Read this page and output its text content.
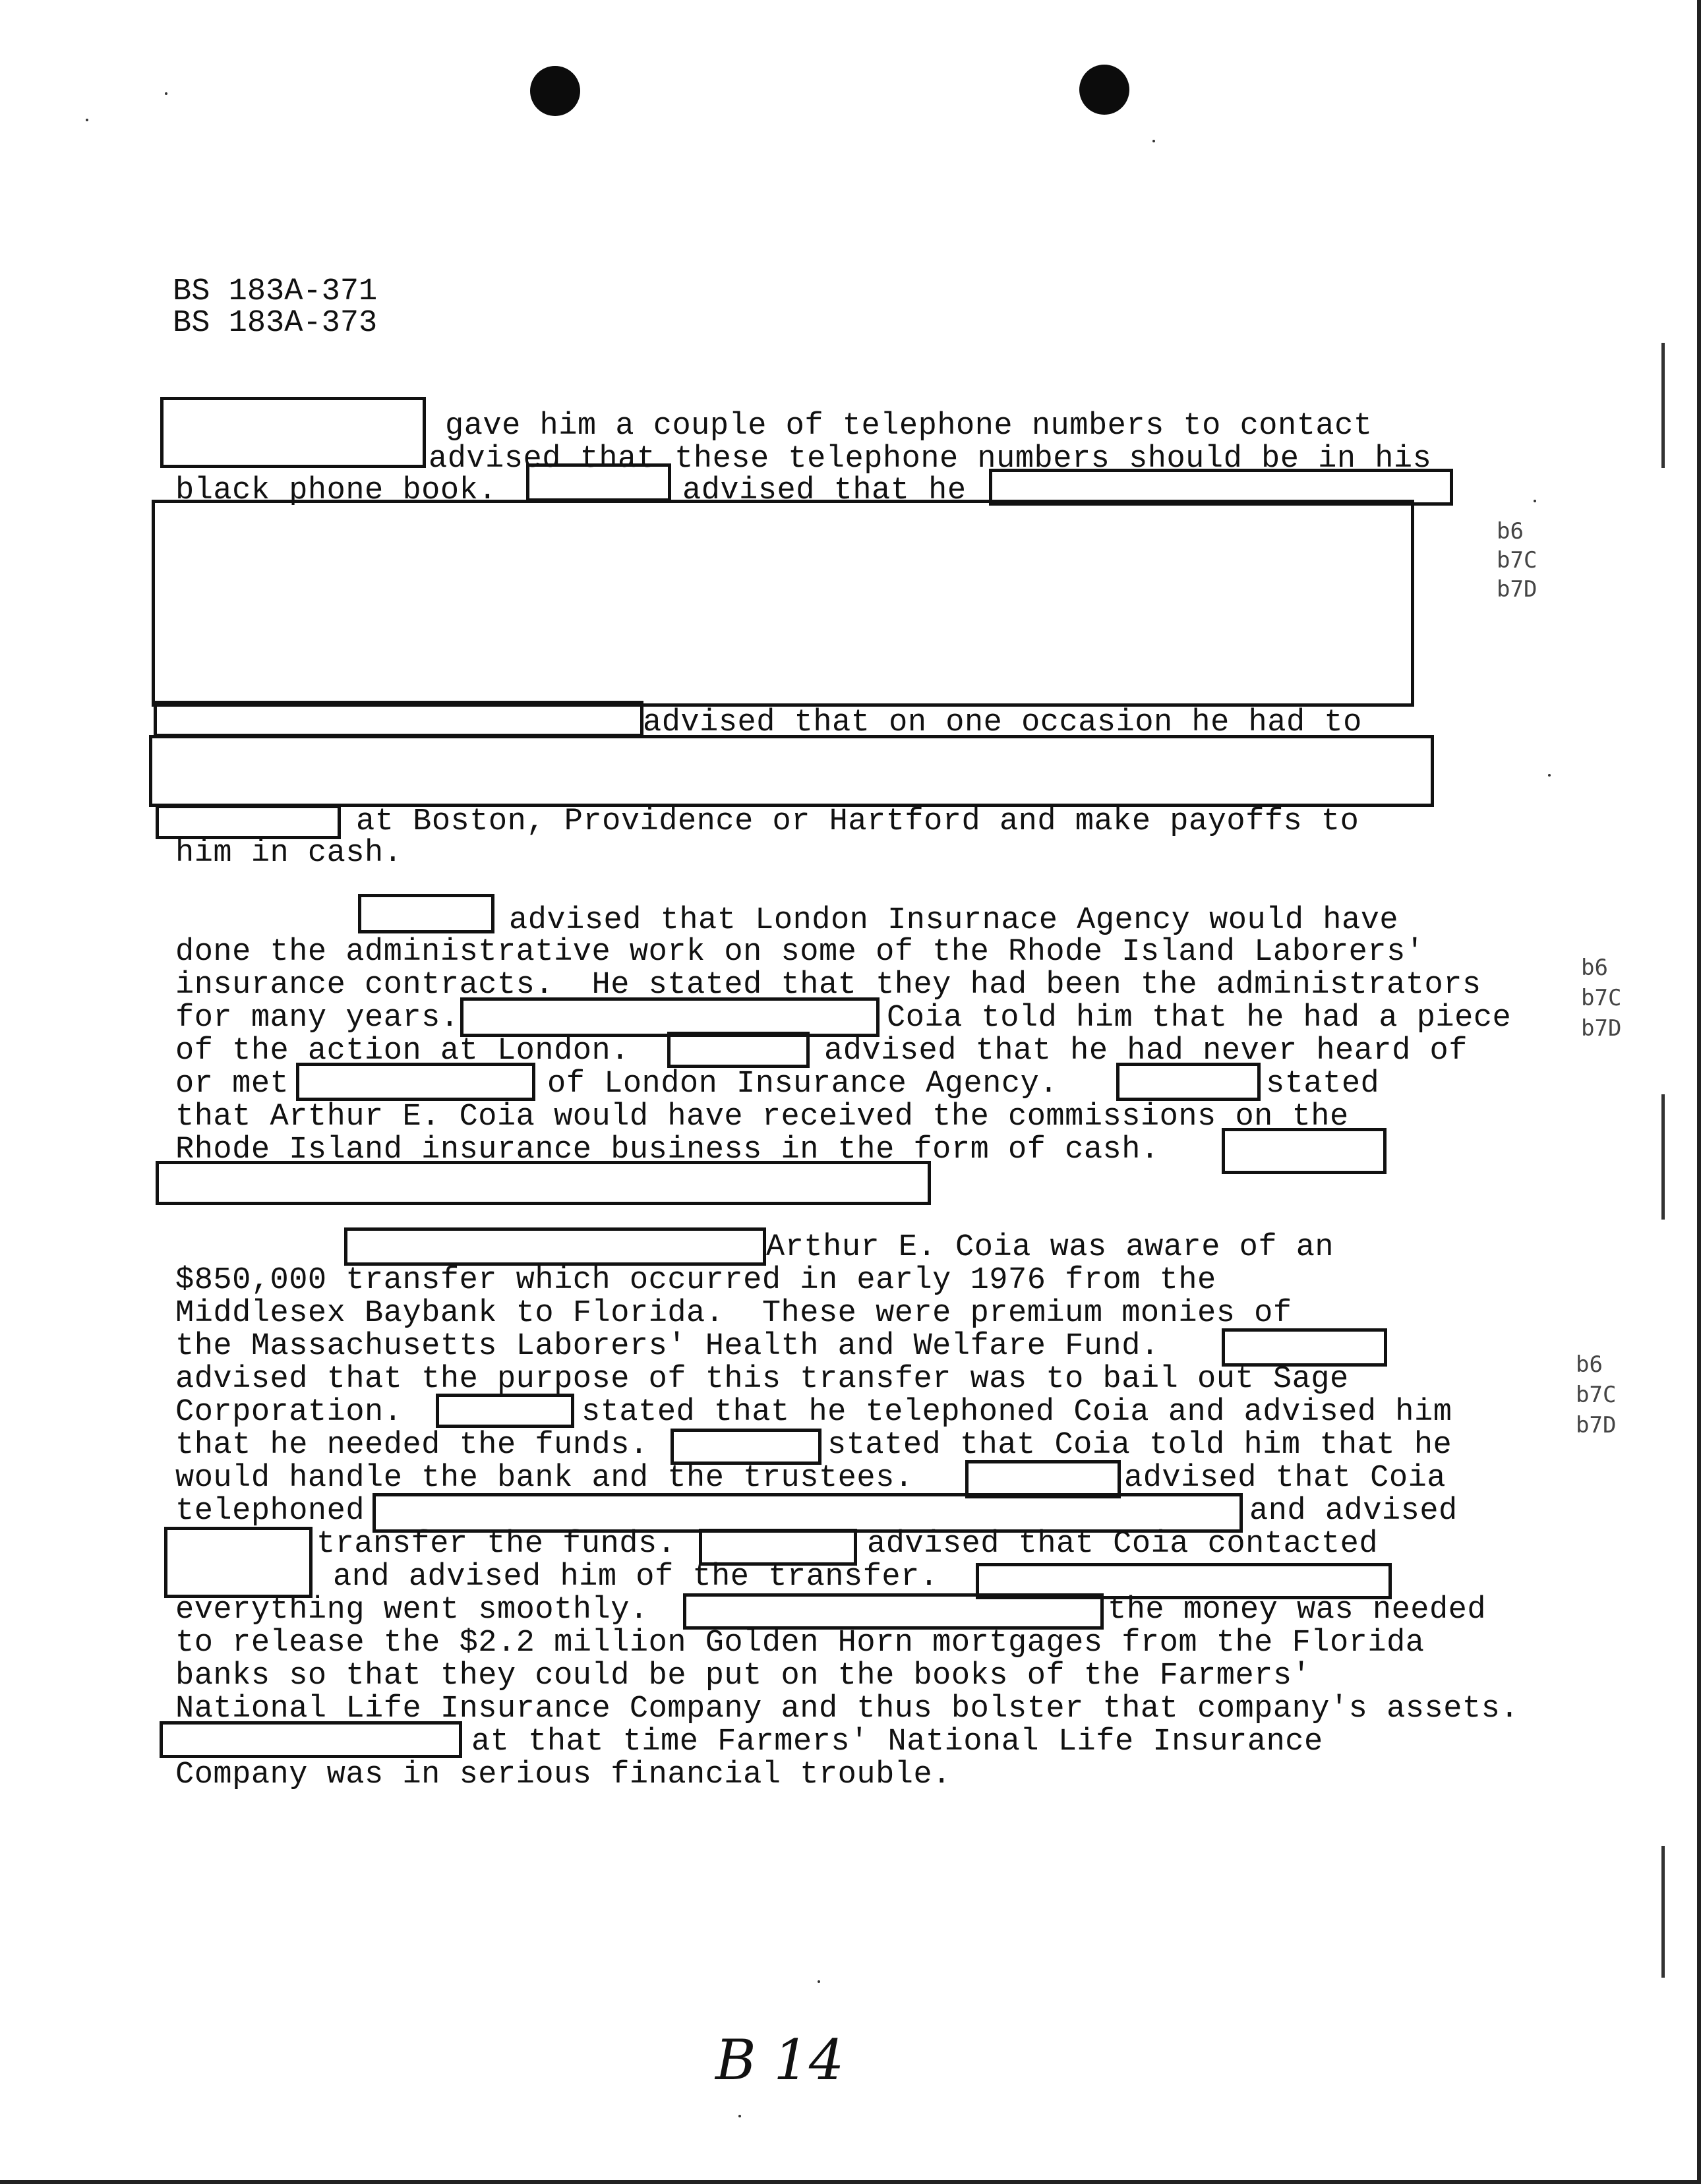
BS 183A-371
BS 183A-373
gave him a couple of telephone numbers to contact
advised that these telephone numbers should be in his
black phone book.	advised that he
advised that on one occasion he had to
at Boston, Providence or Hartford and make payoffs to
him in cash.
b6
b7C
b7D
advised that London Insurnace Agency would have
done the administrative work on some of the Rhode Island Laborers'
insurance contracts.  He stated that they had been the administrators
for many years.	Coia told him that he had a piece
of the action at London.	advised that he had never heard of
or met	of London Insurance Agency.	stated
that Arthur E. Coia would have received the commissions on the
Rhode Island insurance business in the form of cash.
b6
b7C
b7D
Arthur E. Coia was aware of an
$850,000 transfer which occurred in early 1976 from the
Middlesex Baybank to Florida.  These were premium monies of
the Massachusetts Laborers' Health and Welfare Fund.
advised that the purpose of this transfer was to bail out Sage
Corporation.	stated that he telephoned Coia and advised him
that he needed the funds.	stated that Coia told him that he
would handle the bank and the trustees.	advised that Coia
telephoned	and advised
transfer the funds.	advised that Coia contacted
and advised him of the transfer.
everything went smoothly.	the money was needed
to release the $2.2 million Golden Horn mortgages from the Florida
banks so that they could be put on the books of the Farmers'
National Life Insurance Company and thus bolster that company's assets.
at that time Farmers' National Life Insurance
Company was in serious financial trouble.
b6
b7C
b7D
B 14
